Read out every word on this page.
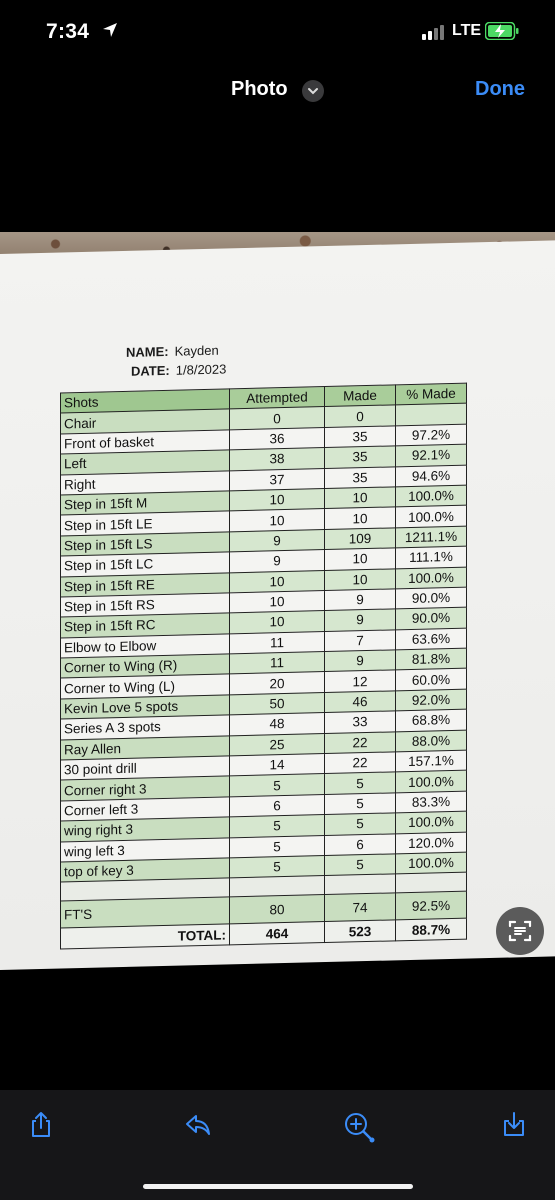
7:34	LTE
Photo	Done
NAME: Kayden
DATE: 1/8/2023
Shots	Attempted	Made	% Made
Chair	0	0	
Front of basket	36	35	97.2%
Left	38	35	92.1%
Right	37	35	94.6%
Step in 15ft M	10	10	100.0%
Step in 15ft LE	10	10	100.0%
Step in 15ft LS	9	109	1211.1%
Step in 15ft LC	9	10	111.1%
Step in 15ft RE	10	10	100.0%
Step in 15ft RS	10	9	90.0%
Step in 15ft RC	10	9	90.0%
Elbow to Elbow	11	7	63.6%
Corner to Wing (R)	11	9	81.8%
Corner to Wing (L)	20	12	60.0%
Kevin Love 5 spots	50	46	92.0%
Series A 3 spots	48	33	68.8%
Ray Allen	25	22	88.0%
30 point drill	14	22	157.1%
Corner right 3	5	5	100.0%
Corner left 3	6	5	83.3%
wing right 3	5	5	100.0%
wing left 3	5	6	120.0%
top of key 3	5	5	100.0%

FT'S	80	74	92.5%
TOTAL:	464	523	88.7%
